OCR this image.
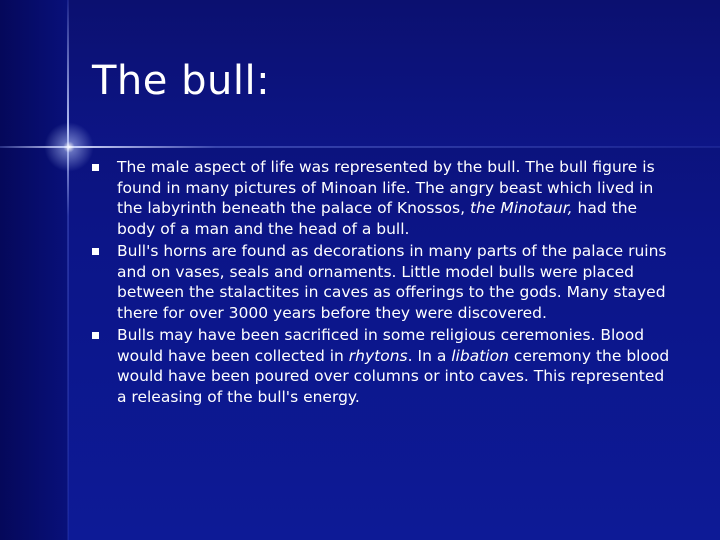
The bull:
The male aspect of life was represented by the bull. The bull figure is found in many pictures of Minoan life. The angry beast which lived in the labyrinth beneath the palace of Knossos, the Minotaur, had the body of a man and the head of a bull.
Bull's horns are found as decorations in many parts of the palace ruins and on vases, seals and ornaments. Little model bulls were placed between the stalactites in caves as offerings to the gods. Many stayed there for over 3000 years before they were discovered.
Bulls may have been sacrificed in some religious ceremonies. Blood would have been collected in rhytons. In a libation ceremony the blood would have been poured over columns or into caves. This represented a releasing of the bull's energy.
